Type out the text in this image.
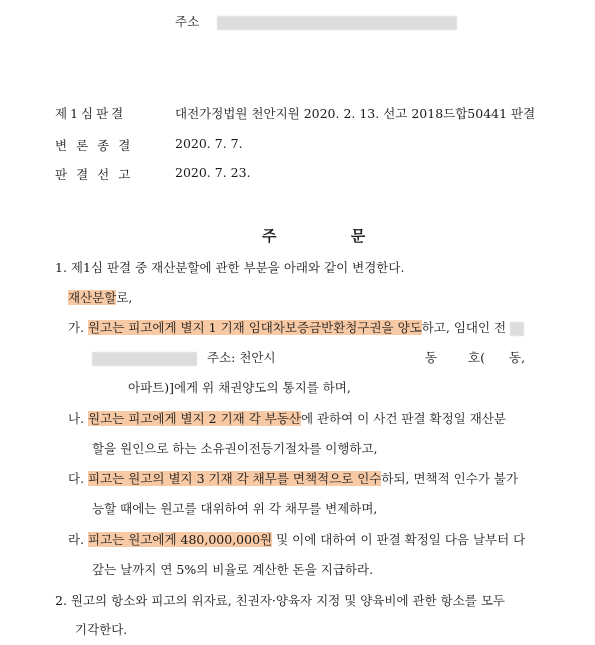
주소
제1심판결	대전가정법원 천안지원 2020. 2. 13. 선고 2018드합50441 판결
변론종결	2020. 7. 7.
판결선고	2020. 7. 23.
주          문
1. 제1심 판결 중 재산분할에 관한 부분을 아래와 같이 변경한다.
재산분할로,
가. 원고는 피고에게 별지 1 기재 임대차보증금반환청구권을 양도하고, 임대인 전
주소: 천안시	동 호( 동,
아파트)]에게 위 채권양도의 통지를 하며,
나. 원고는 피고에게 별지 2 기재 각 부동산에 관하여 이 사건 판결 확정일 재산분
할을 원인으로 하는 소유권이전등기절차를 이행하고,
다. 피고는 원고의 별지 3 기재 각 채무를 면책적으로 인수하되, 면책적 인수가 불가
능할 때에는 원고를 대위하여 위 각 채무를 변제하며,
라. 피고는 원고에게 480,000,000원 및 이에 대하여 이 판결 확정일 다음 날부터 다
갚는 날까지 연 5%의 비율로 계산한 돈을 지급하라.
2. 원고의 항소와 피고의 위자료, 친권자·양육자 지정 및 양육비에 관한 항소를 모두
기각한다.
